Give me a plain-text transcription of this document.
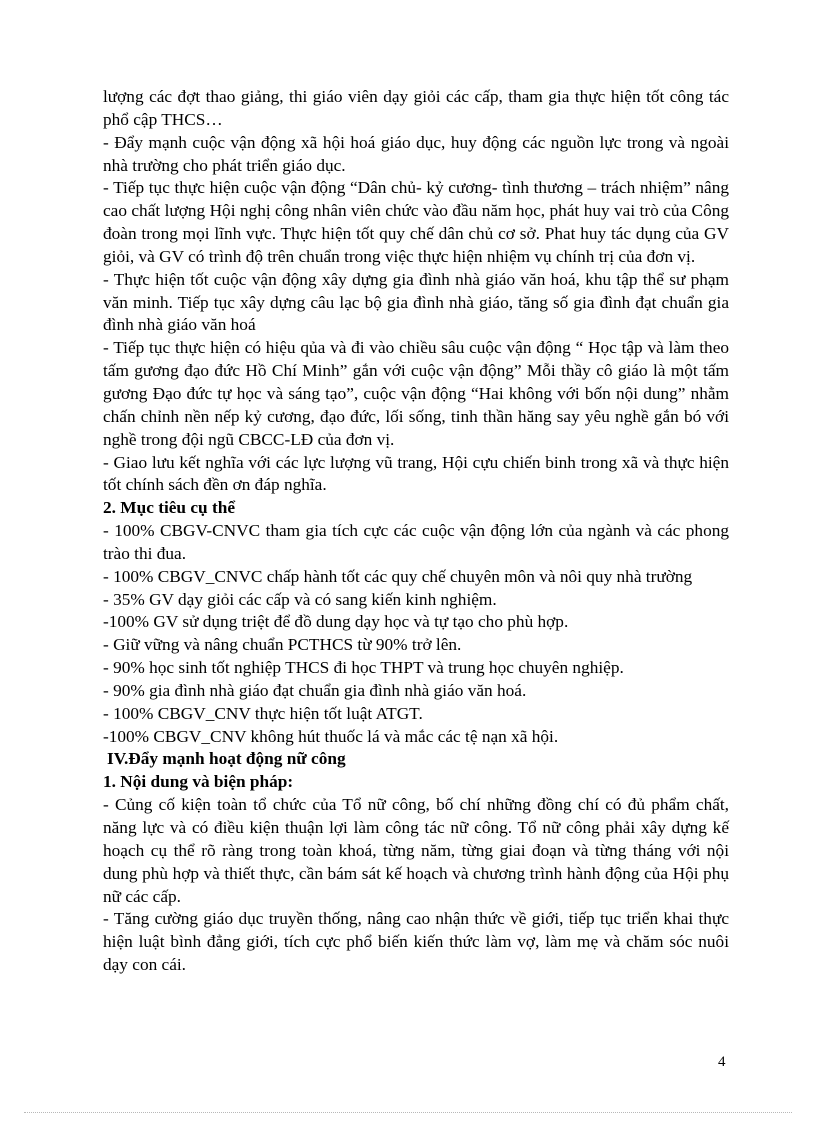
lượng các đợt thao giảng, thi giáo viên dạy giỏi các cấp, tham gia thực hiện tốt công tác phổ cập THCS…

- Đẩy mạnh cuộc vận động xã hội hoá giáo dục, huy động các nguồn lực trong và ngoài nhà trường cho phát triển giáo dục.

- Tiếp tục thực hiện cuộc vận động “Dân chủ- kỷ cương- tình thương – trách nhiệm” nâng cao chất lượng Hội nghị công nhân viên chức vào đầu năm học, phát huy vai trò của Công đoàn trong mọi lĩnh vực. Thực hiện tốt quy chế dân chủ cơ sở. Phat huy tác dụng của GV giỏi, và GV có trình độ trên chuẩn trong việc thực hiện nhiệm vụ chính trị của đơn vị.

- Thực hiện tốt cuộc vận động xây dựng gia đình nhà giáo văn hoá, khu tập thể sư phạm văn minh. Tiếp tục xây dựng câu lạc bộ gia đình nhà giáo, tăng số gia đình đạt chuẩn gia đình nhà giáo văn hoá

- Tiếp tục thực hiện có hiệu qủa và đi vào chiều sâu cuộc vận động “ Học tập và làm theo tấm gương đạo đức Hồ Chí Minh” gắn với cuộc vận động” Mỗi thầy cô giáo là một tấm gương Đạo đức tự học và sáng tạo”, cuộc vận động “Hai không với bốn nội dung” nhằm chấn chỉnh nền nếp kỷ cương, đạo đức, lối sống, tinh thần hăng say yêu nghề gắn bó với nghề trong đội ngũ CBCC-LĐ của đơn vị.

- Giao lưu kết nghĩa với các lực lượng vũ trang, Hội cựu chiến binh trong xã và thực hiện tốt chính sách đền ơn đáp nghĩa.

2. Mục tiêu cụ thể

- 100% CBGV-CNVC tham gia tích cực các cuộc vận động lớn của ngành và các phong trào thi đua.

- 100% CBGV_CNVC chấp hành tốt các quy chế chuyên môn và nôi quy nhà trường

- 35% GV dạy giỏi các cấp và có sang kiến kinh nghiệm.

-100% GV sử dụng triệt để đồ dung dạy học và tự tạo cho phù hợp.

- Giữ vững và nâng chuẩn PCTHCS từ 90% trở lên.

- 90% học sinh tốt nghiệp THCS đi học THPT và trung học chuyên nghiệp.

- 90% gia đình nhà giáo đạt chuẩn gia đình nhà giáo văn hoá.

- 100% CBGV_CNV thực hiện tốt luật ATGT.

-100% CBGV_CNV không hút thuốc lá và mắc các tệ nạn xã hội.

IV.Đẩy mạnh hoạt động nữ công

1. Nội dung và biện pháp:

- Củng cố kiện toàn tổ chức của Tổ nữ công, bố chí những đồng chí có đủ phẩm chất, năng lực và có điều kiện thuận lợi làm công tác nữ công. Tổ nữ công phải xây dựng kế hoạch cụ thể rõ ràng trong toàn khoá, từng năm, từng giai đoạn và từng tháng với nội dung phù hợp và thiết thực, cần bám sát kế hoạch và chương trình hành động của Hội phụ nữ các cấp.

- Tăng cường giáo dục truyền thống, nâng cao nhận thức về giới, tiếp tục triển khai thực hiện luật bình đẳng giới, tích cực phổ biến kiến thức làm vợ, làm mẹ và chăm sóc nuôi dạy con cái.

4
